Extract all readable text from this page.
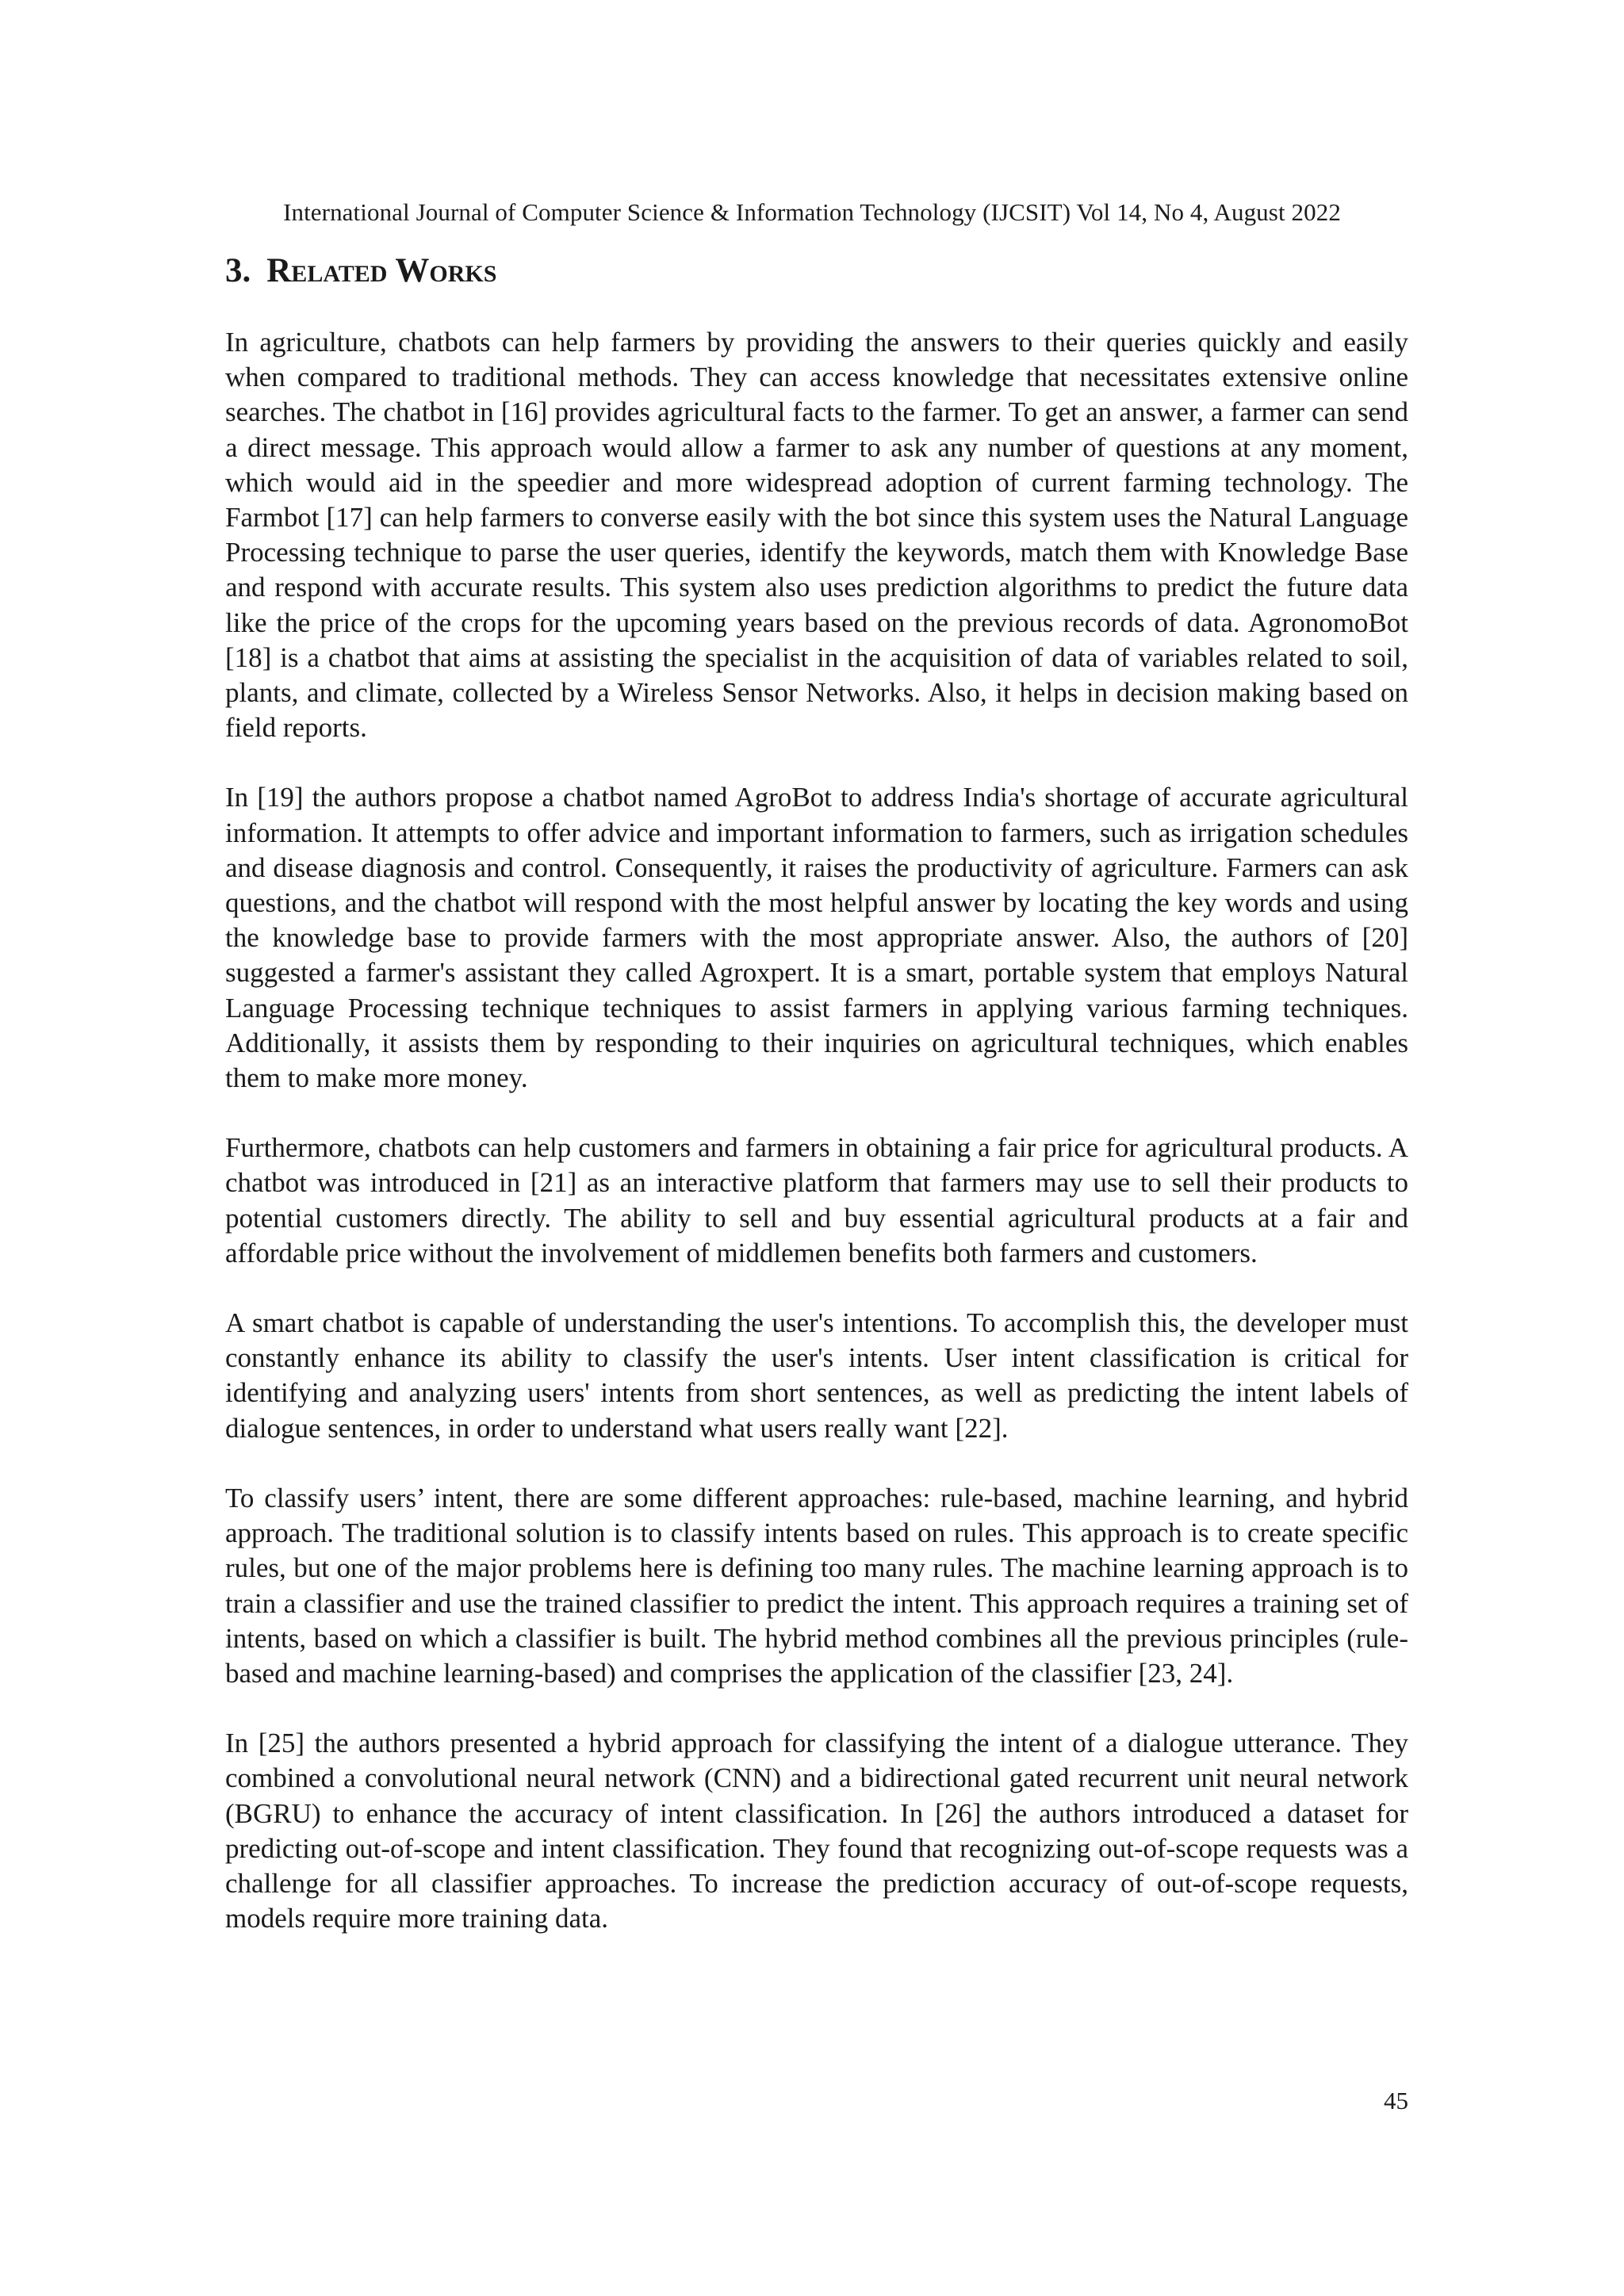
International Journal of Computer Science & Information Technology (IJCSIT) Vol 14, No 4, August 2022
3. Related Works

In agriculture, chatbots can help farmers by providing the answers to their queries quickly and easily when compared to traditional methods. They can access knowledge that necessitates extensive online searches. The chatbot in [16] provides agricultural facts to the farmer. To get an answer, a farmer can send a direct message. This approach would allow a farmer to ask any number of questions at any moment, which would aid in the speedier and more widespread adoption of current farming technology. The Farmbot [17] can help farmers to converse easily with the bot since this system uses the Natural Language Processing technique to parse the user queries, identify the keywords, match them with Knowledge Base and respond with accurate results. This system also uses prediction algorithms to predict the future data like the price of the crops for the upcoming years based on the previous records of data. AgronomoBot [18] is a chatbot that aims at assisting the specialist in the acquisition of data of variables related to soil, plants, and climate, collected by a Wireless Sensor Networks. Also, it helps in decision making based on field reports.

In [19] the authors propose a chatbot named AgroBot to address India's shortage of accurate agricultural information. It attempts to offer advice and important information to farmers, such as irrigation schedules and disease diagnosis and control. Consequently, it raises the productivity of agriculture. Farmers can ask questions, and the chatbot will respond with the most helpful answer by locating the key words and using the knowledge base to provide farmers with the most appropriate answer. Also, the authors of [20] suggested a farmer's assistant they called Agroxpert. It is a smart, portable system that employs Natural Language Processing technique techniques to assist farmers in applying various farming techniques. Additionally, it assists them by responding to their inquiries on agricultural techniques, which enables them to make more money.

Furthermore, chatbots can help customers and farmers in obtaining a fair price for agricultural products. A chatbot was introduced in [21] as an interactive platform that farmers may use to sell their products to potential customers directly. The ability to sell and buy essential agricultural products at a fair and affordable price without the involvement of middlemen benefits both farmers and customers.

A smart chatbot is capable of understanding the user's intentions. To accomplish this, the developer must constantly enhance its ability to classify the user's intents. User intent classification is critical for identifying and analyzing users' intents from short sentences, as well as predicting the intent labels of dialogue sentences, in order to understand what users really want [22].

To classify users’ intent, there are some different approaches: rule-based, machine learning, and hybrid approach. The traditional solution is to classify intents based on rules. This approach is to create specific rules, but one of the major problems here is defining too many rules. The machine learning approach is to train a classifier and use the trained classifier to predict the intent. This approach requires a training set of intents, based on which a classifier is built. The hybrid method combines all the previous principles (rule-based and machine learning-based) and comprises the application of the classifier [23, 24].

In [25] the authors presented a hybrid approach for classifying the intent of a dialogue utterance. They combined a convolutional neural network (CNN) and a bidirectional gated recurrent unit neural network (BGRU) to enhance the accuracy of intent classification. In [26] the authors introduced a dataset for predicting out-of-scope and intent classification. They found that recognizing out-of-scope requests was a challenge for all classifier approaches. To increase the prediction accuracy of out-of-scope requests, models require more training data.

45
